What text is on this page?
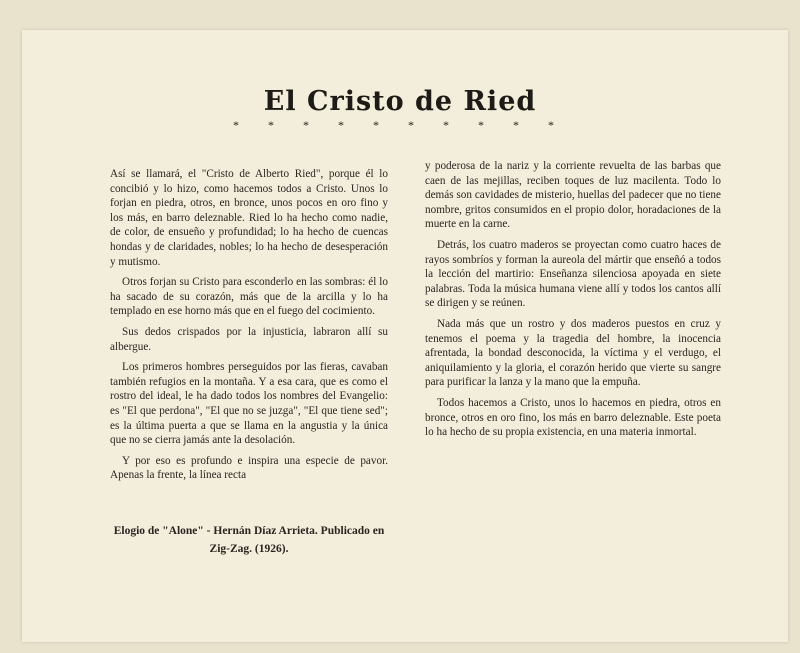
El Cristo de Ried
* * * * * * * * * *

Así se llamará, el "Cristo de Alberto Ried", porque él lo concibió y lo hizo, como hacemos todos a Cristo. Unos lo forjan en piedra, otros, en bronce, unos pocos en oro fino y los más, en barro deleznable. Ried lo ha hecho como nadie, de color, de ensueño y profundidad; lo ha hecho de cuencas hondas y de claridades, nobles; lo ha hecho de desesperación y mutismo.

Otros forjan su Cristo para esconderlo en las sombras: él lo ha sacado de su corazón, más que de la arcilla y lo ha templado en ese horno más que en el fuego del cocimiento.

Sus dedos crispados por la injusticia, labraron allí su albergue.

Los primeros hombres perseguidos por las fieras, cavaban también refugios en la montaña. Y a esa cara, que es como el rostro del ideal, le ha dado todos los nombres del Evangelio: es "El que perdona", "El que no se juzga", "El que tiene sed"; es la última puerta a que se llama en la angustia y la única que no se cierra jamás ante la desolación.

Y por eso es profundo e inspira una especie de pavor. Apenas la frente, la línea recta

y poderosa de la nariz y la corriente revuelta de las barbas que caen de las mejillas, reciben toques de luz macilenta. Todo lo demás son cavidades de misterio, huellas del padecer que no tiene nombre, gritos consumidos en el propio dolor, horadaciones de la muerte en la carne.

Detrás, los cuatro maderos se proyectan como cuatro haces de rayos sombríos y forman la aureola del mártir que enseñó a todos la lección del martirio: Enseñanza silenciosa apoyada en siete palabras. Toda la música humana viene allí y todos los cantos allí se dirigen y se reúnen.

Nada más que un rostro y dos maderos puestos en cruz y tenemos el poema y la tragedia del hombre, la inocencia afrentada, la bondad desconocida, la víctima y el verdugo, el aniquilamiento y la gloria, el corazón herido que vierte su sangre para purificar la lanza y la mano que la empuña.

Todos hacemos a Cristo, unos lo hacemos en piedra, otros en bronce, otros en oro fino, los más en barro deleznable. Este poeta lo ha hecho de su propia existencia, en una materia inmortal.

Elogio de "Alone" - Hernán Díaz Arrieta. Publicado en Zig-Zag. (1926).
